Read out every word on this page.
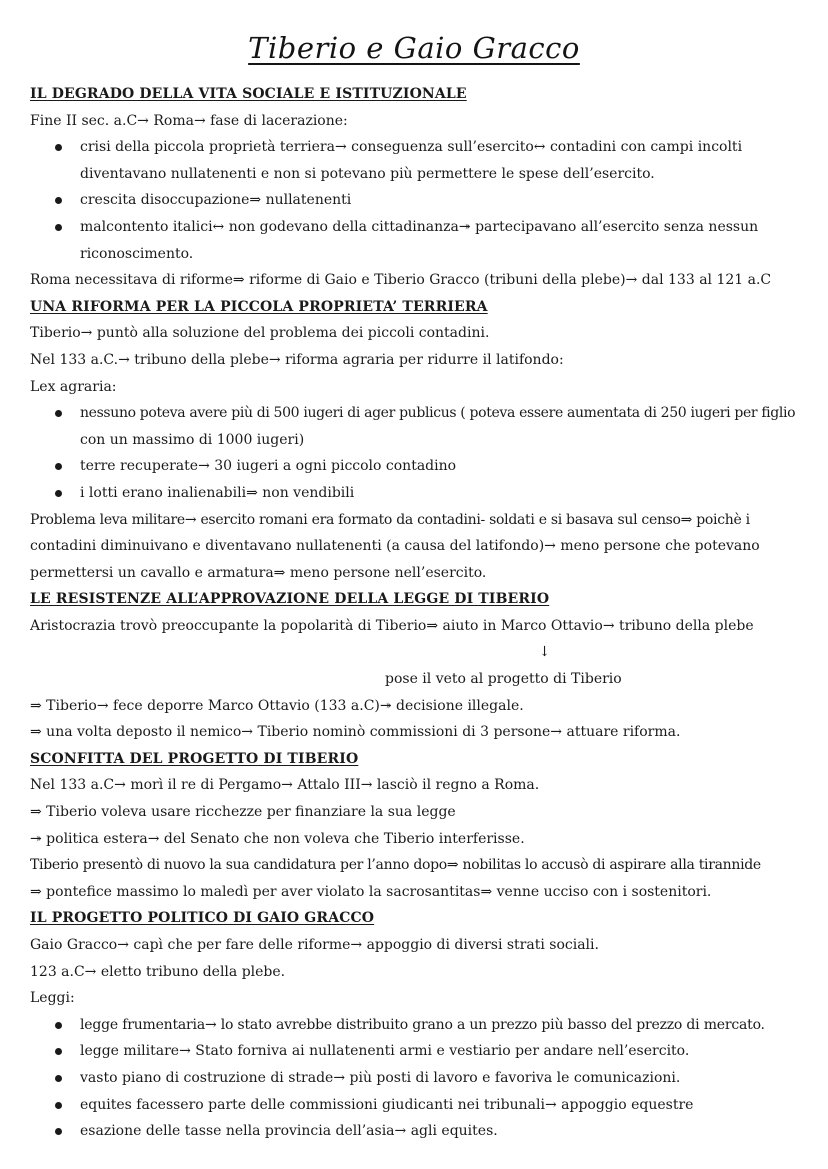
Tiberio e Gaio Gracco
IL DEGRADO DELLA VITA SOCIALE E ISTITUZIONALE
Fine II sec. a.C→ Roma→ fase di lacerazione:
crisi della piccola proprietà terriera→ conseguenza sull’esercito↔ contadini con campi incolti
diventavano nullatenenti e non si potevano più permettere le spese dell’esercito.
crescita disoccupazione⇒ nullatenenti
malcontento italici↔ non godevano della cittadinanza↠ partecipavano all’esercito senza nessun
riconoscimento.
Roma necessitava di riforme⇒ riforme di Gaio e Tiberio Gracco (tribuni della plebe)→ dal 133 al 121 a.C
UNA RIFORMA PER LA PICCOLA PROPRIETA’ TERRIERA
Tiberio→ puntò alla soluzione del problema dei piccoli contadini.
Nel 133 a.C.→ tribuno della plebe→ riforma agraria per ridurre il latifondo:
Lex agraria:
nessuno poteva avere più di 500 iugeri di ager publicus ( poteva essere aumentata di 250 iugeri per figlio
con un massimo di 1000 iugeri)
terre recuperate→ 30 iugeri a ogni piccolo contadino
i lotti erano inalienabili⇒ non vendibili
Problema leva militare→ esercito romani era formato da contadini- soldati e si basava sul censo⇒ poichè i
contadini diminuivano e diventavano nullatenenti (a causa del latifondo)→ meno persone che potevano
permettersi un cavallo e armatura⇒ meno persone nell’esercito.
LE RESISTENZE ALL’APPROVAZIONE DELLA LEGGE DI TIBERIO
Aristocrazia trovò preoccupante la popolarità di Tiberio⇒ aiuto in Marco Ottavio→ tribuno della plebe
↓
pose il veto al progetto di Tiberio
⇒ Tiberio→ fece deporre Marco Ottavio (133 a.C)↠ decisione illegale.
⇒ una volta deposto il nemico→ Tiberio nominò commissioni di 3 persone→ attuare riforma.
SCONFITTA DEL PROGETTO DI TIBERIO
Nel 133 a.C→ morì il re di Pergamo→ Attalo III→ lasciò il regno a Roma.
⇒ Tiberio voleva usare ricchezze per finanziare la sua legge
↠ politica estera→ del Senato che non voleva che Tiberio interferisse.
Tiberio presentò di nuovo la sua candidatura per l’anno dopo⇒ nobilitas lo accusò di aspirare alla tirannide
⇒ pontefice massimo lo maledì per aver violato la sacrosantitas⇒ venne ucciso con i sostenitori.
IL PROGETTO POLITICO DI GAIO GRACCO
Gaio Gracco→ capì che per fare delle riforme→ appoggio di diversi strati sociali.
123 a.C→ eletto tribuno della plebe.
Leggi:
legge frumentaria→ lo stato avrebbe distribuito grano a un prezzo più basso del prezzo di mercato.
legge militare→ Stato forniva ai nullatenenti armi e vestiario per andare nell’esercito.
vasto piano di costruzione di strade→ più posti di lavoro e favoriva le comunicazioni.
equites facessero parte delle commissioni giudicanti nei tribunali→ appoggio equestre
esazione delle tasse nella provincia dell’asia→ agli equites.
